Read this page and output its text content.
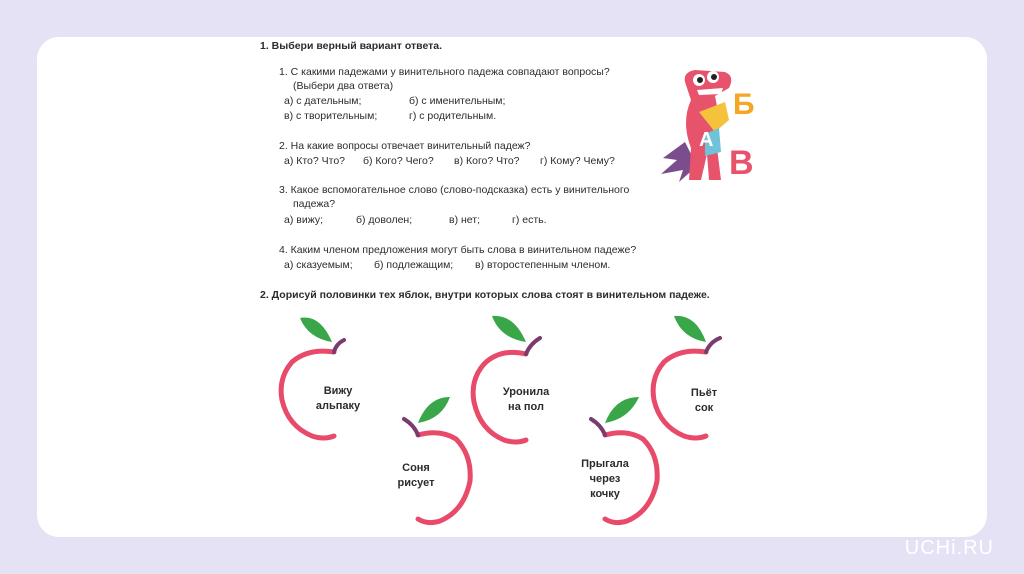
1. Выбери верный вариант ответа.
1. С какими падежами у винительного падежа совпадают вопросы?
(Выбери два ответа)
а) с дательным;	б) с именительным;
в) с творительным;	г) с родительным.
2. На какие вопросы отвечает винительный падеж?
а) Кто? Что? б) Кого? Чего? в) Кого? Что? г) Кому? Чему?
3. Какое вспомогательное слово (слово-подсказка) есть у винительного
падежа?
а) вижу;	б) доволен;	в) нет;	г) есть.
4. Каким членом предложения могут быть слова в винительном падеже?
а) сказуемым; б) подлежащим; в) второстепенным членом.
Б
В
А
2. Дорисуй половинки тех яблок, внутри которых слова стоят в винительном падеже.
Вижу
альпаку
Соня
рисует
Уронила
на пол
Прыгала
через
кочку
Пьёт
сок
UCHi.RU
